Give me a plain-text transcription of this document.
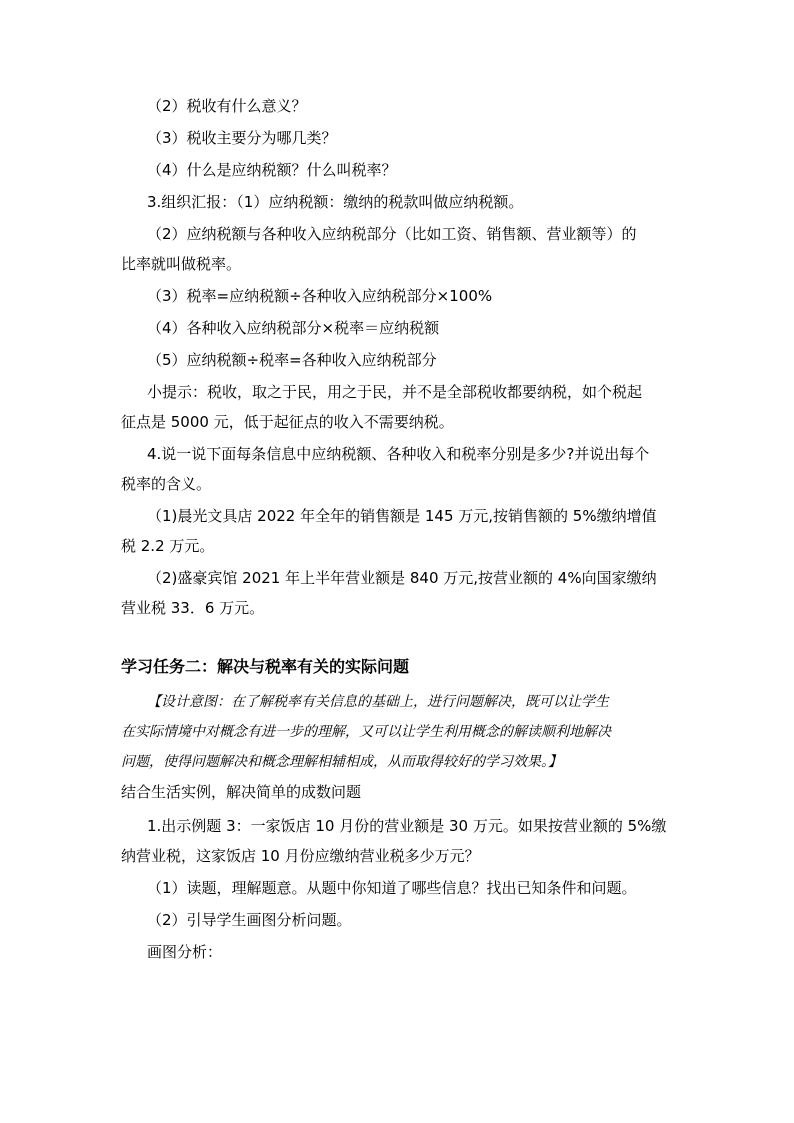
（2）税收有什么意义？
（3）税收主要分为哪几类？
（4）什么是应纳税额？什么叫税率？
3.组织汇报：（1）应纳税额：缴纳的税款叫做应纳税额。
（2）应纳税额与各种收入应纳税部分（比如工资、销售额、营业额等）的
比率就叫做税率。
（3）税率=应纳税额÷各种收入应纳税部分×100%
（4）各种收入应纳税部分×税率＝应纳税额
（5）应纳税额÷税率=各种收入应纳税部分
小提示：税收，取之于民，用之于民，并不是全部税收都要纳税，如个税起
征点是 5000 元，低于起征点的收入不需要纳税。
4.说一说下面每条信息中应纳税额、各种收入和税率分别是多少?并说出每个
税率的含义。
（1)晨光文具店 2022 年全年的销售额是 145 万元,按销售额的 5%缴纳增值
税 2.2 万元。
（2)盛豪宾馆 2021 年上半年营业额是 840 万元,按营业额的 4%向国家缴纳
营业税 33．6 万元。
学习任务二：解决与税率有关的实际问题
【设计意图：在了解税率有关信息的基础上，进行问题解决，既可以让学生
在实际情境中对概念有进一步的理解，又可以让学生利用概念的解读顺利地解决
问题，使得问题解决和概念理解相辅相成，从而取得较好的学习效果。】
结合生活实例，解决简单的成数问题
1.出示例题 3：一家饭店 10 月份的营业额是 30 万元。如果按营业额的 5%缴
纳营业税，这家饭店 10 月份应缴纳营业税多少万元？
（1）读题，理解题意。从题中你知道了哪些信息？找出已知条件和问题。
（2）引导学生画图分析问题。
画图分析：
